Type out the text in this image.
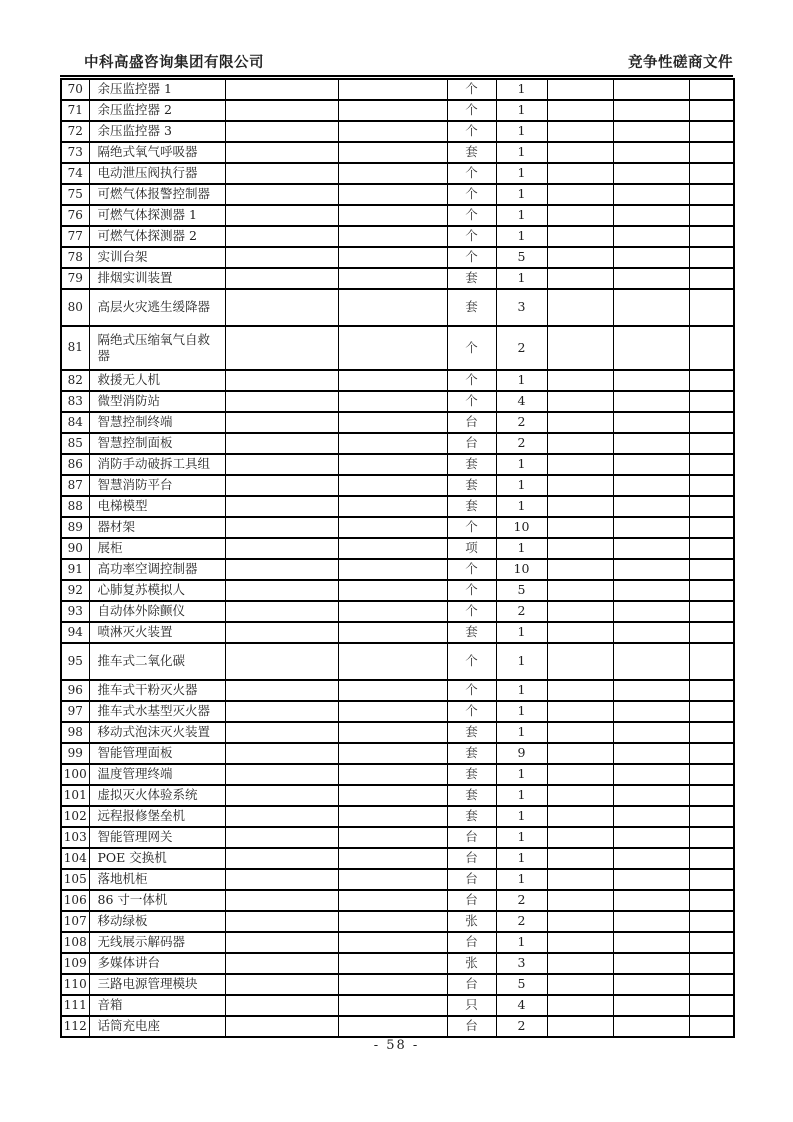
中科高盛咨询集团有限公司	竞争性磋商文件
70	余压监控器 1			个	1			
71	余压监控器 2			个	1			
72	余压监控器 3			个	1			
73	隔绝式氧气呼吸器			套	1			
74	电动泄压阀执行器			个	1			
75	可燃气体报警控制器			个	1			
76	可燃气体探测器 1			个	1			
77	可燃气体探测器 2			个	1			
78	实训台架			个	5			
79	排烟实训装置			套	1			
80	高层火灾逃生缓降器			套	3			
81	隔绝式压缩氧气自救器			个	2			
82	救援无人机			个	1			
83	微型消防站			个	4			
84	智慧控制终端			台	2			
85	智慧控制面板			台	2			
86	消防手动破拆工具组			套	1			
87	智慧消防平台			套	1			
88	电梯模型			套	1			
89	器材架			个	10			
90	展柜			项	1			
91	高功率空调控制器			个	10			
92	心肺复苏模拟人			个	5			
93	自动体外除颤仪			个	2			
94	喷淋灭火装置			套	1			
95	推车式二氧化碳			个	1			
96	推车式干粉灭火器			个	1			
97	推车式水基型灭火器			个	1			
98	移动式泡沫灭火装置			套	1			
99	智能管理面板			套	9			
100	温度管理终端			套	1			
101	虚拟灭火体验系统			套	1			
102	远程报修堡垒机			套	1			
103	智能管理网关			台	1			
104	POE 交换机			台	1			
105	落地机柜			台	1			
106	86 寸一体机			台	2			
107	移动绿板			张	2			
108	无线展示解码器			台	1			
109	多媒体讲台			张	3			
110	三路电源管理模块			台	5			
111	音箱			只	4			
112	话筒充电座			台	2			
- 58 -
